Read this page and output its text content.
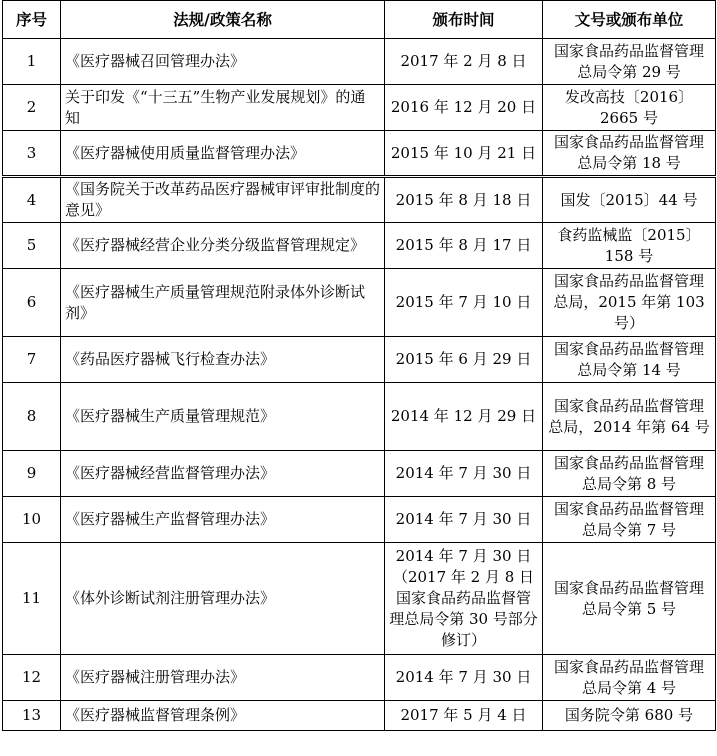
序号	法规/政策名称	颁布时间	文号或颁布单位
1	《医疗器械召回管理办法》	2017 年 2 月 8 日	国家食品药品监督管理总局令第 29 号
2	关于印发《“十三五”生物产业发展规划》的通知	2016 年 12 月 20 日	发改高技〔2016〕2665 号
3	《医疗器械使用质量监督管理办法》	2015 年 10 月 21 日	国家食品药品监督管理总局令第 18 号
4	《国务院关于改革药品医疗器械审评审批制度的意见》	2015 年 8 月 18 日	国发〔2015〕44 号
5	《医疗器械经营企业分类分级监督管理规定》	2015 年 8 月 17 日	食药监械监〔2015〕158 号
6	《医疗器械生产质量管理规范附录体外诊断试剂》	2015 年 7 月 10 日	国家食品药品监督管理总局，2015 年第 103 号）
7	《药品医疗器械飞行检查办法》	2015 年 6 月 29 日	国家食品药品监督管理总局令第 14 号
8	《医疗器械生产质量管理规范》	2014 年 12 月 29 日	国家食品药品监督管理总局，2014 年第 64 号
9	《医疗器械经营监督管理办法》	2014 年 7 月 30 日	国家食品药品监督管理总局令第 8 号
10	《医疗器械生产监督管理办法》	2014 年 7 月 30 日	国家食品药品监督管理总局令第 7 号
11	《体外诊断试剂注册管理办法》	2014 年 7 月 30 日（2017 年 2 月 8 日国家食品药品监督管理总局令第 30 号部分修订）	国家食品药品监督管理总局令第 5 号
12	《医疗器械注册管理办法》	2014 年 7 月 30 日	国家食品药品监督管理总局令第 4 号
13	《医疗器械监督管理条例》	2017 年 5 月 4 日	国务院令第 680 号
